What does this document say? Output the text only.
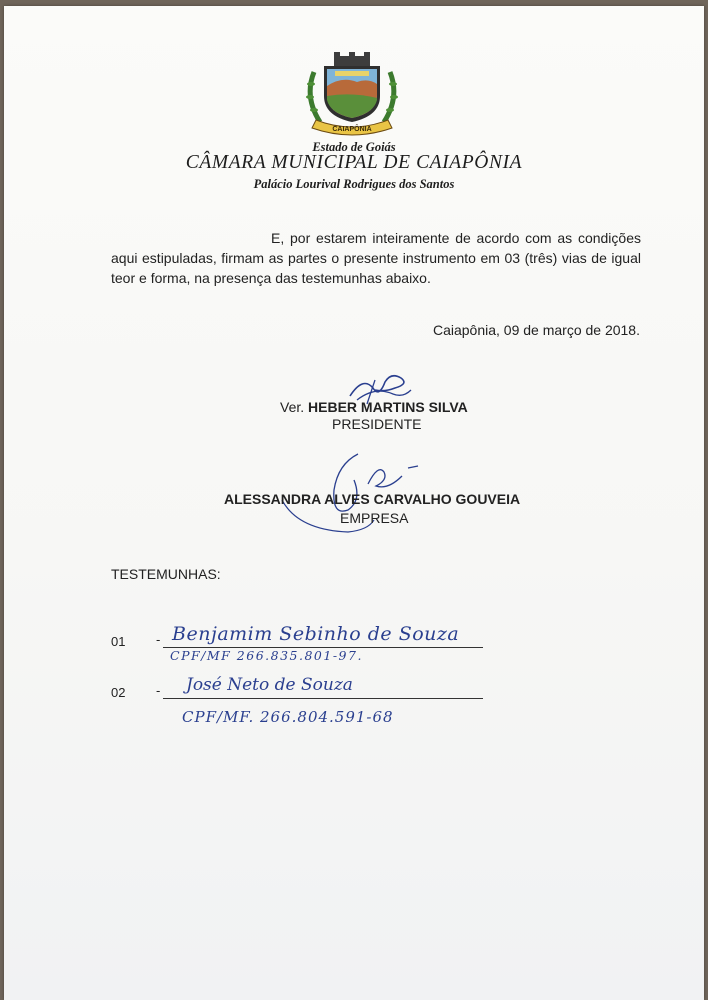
CAIAPÔNIA
Estado de Goiás
CÂMARA MUNICIPAL DE CAIAPÔNIA
Palácio Lourival Rodrigues dos Santos
E, por estarem inteiramente de acordo com as condições aqui estipuladas, firmam as partes o presente instrumento em 03 (três) vias de igual teor e forma, na presença das testemunhas abaixo.
Caiapônia, 09 de março de 2018.
Ver. HEBER MARTINS SILVA
PRESIDENTE
ALESSANDRA ALVES CARVALHO GOUVEIA
EMPRESA
TESTEMUNHAS:
01 - Benjamim Sebinho de Souza
CPF/MF 266.835.801-97.
02 - José Neto de Souza
CPF/MF. 266.804.591-68
